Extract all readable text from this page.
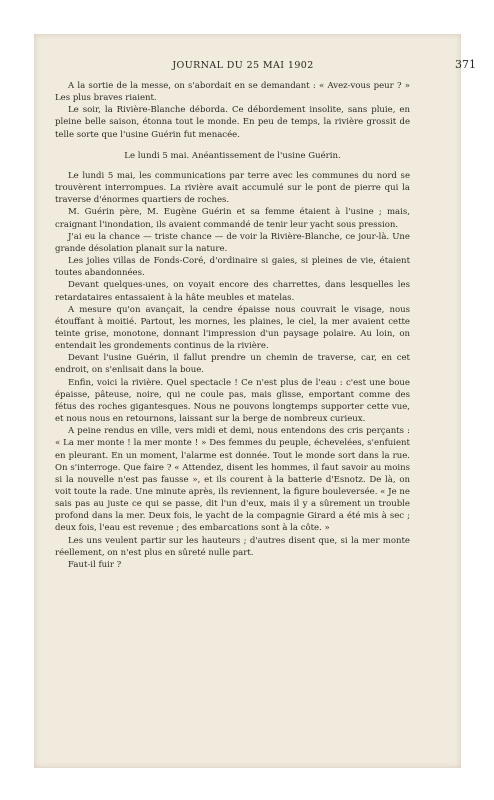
JOURNAL DU 25 MAI 1902	371

A la sortie de la messe, on s'abordait en se demandant : « Avez-vous peur ? » Les plus braves riaient.

Le soir, la Rivière-Blanche déborda. Ce débordement insolite, sans pluie, en pleine belle saison, étonna tout le monde. En peu de temps, la rivière grossit de telle sorte que l'usine Guérin fut menacée.

Le lundi 5 mai. Anéantissement de l'usine Guérin.

Le lundi 5 mai, les communications par terre avec les communes du nord se trouvèrent interrompues. La rivière avait accumulé sur le pont de pierre qui la traverse d'énormes quartiers de roches.

M. Guérin père, M. Eugène Guérin et sa femme étaient à l'usine ; mais, craignant l'inondation, ils avaient commandé de tenir leur yacht sous pression.

J'ai eu la chance — triste chance — de voir la Rivière-Blanche, ce jour-là. Une grande désolation planait sur la nature.

Les jolies villas de Fonds-Coré, d'ordinaire si gaies, si pleines de vie, étaient toutes abandonnées.

Devant quelques-unes, on voyait encore des charrettes, dans lesquelles les retardataires entassaient à la hâte meubles et matelas.

A mesure qu'on avançait, la cendre épaisse nous couvrait le visage, nous étouffant à moitié. Partout, les mornes, les plaines, le ciel, la mer avaient cette teinte grise, monotone, donnant l'impression d'un paysage polaire. Au loin, on entendait les grondements continus de la rivière.

Devant l'usine Guérin, il fallut prendre un chemin de traverse, car, en cet endroit, on s'enlisait dans la boue.

Enfin, voici la rivière. Quel spectacle ! Ce n'est plus de l'eau : c'est une boue épaisse, pâteuse, noire, qui ne coule pas, mais glisse, emportant comme des fétus des roches gigantesques. Nous ne pouvons longtemps supporter cette vue, et nous nous en retournons, laissant sur la berge de nombreux curieux.

A peine rendus en ville, vers midi et demi, nous entendons des cris perçants : « La mer monte ! la mer monte ! » Des femmes du peuple, échevelées, s'enfuient en pleurant. En un moment, l'alarme est donnée. Tout le monde sort dans la rue. On s'interroge. Que faire ? « Attendez, disent les hommes, il faut savoir au moins si la nouvelle n'est pas fausse », et ils courent à la batterie d'Esnotz. De là, on voit toute la rade. Une minute après, ils reviennent, la figure bouleversée. « Je ne sais pas au juste ce qui se passe, dit l'un d'eux, mais il y a sûrement un trouble profond dans la mer. Deux fois, le yacht de la compagnie Girard a été mis à sec ; deux fois, l'eau est revenue ; des embarcations sont à la côte. »

Les uns veulent partir sur les hauteurs ; d'autres disent que, si la mer monte réellement, on n'est plus en sûreté nulle part.

Faut-il fuir ?
